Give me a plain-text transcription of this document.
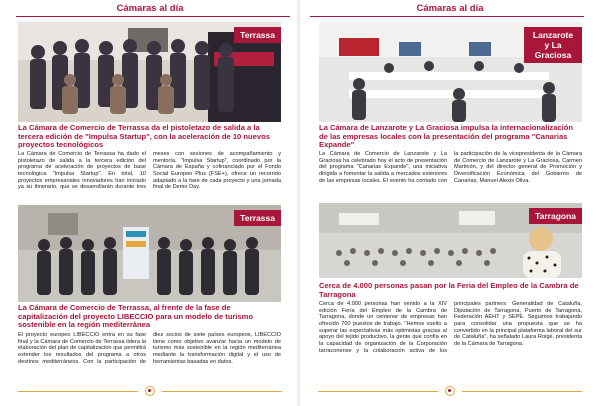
Cámaras al día
Terrassa
La Cámara de Comercio de Terrassa da el pistoletazo de salida a la tercera edición de "Impulsa Startup", con la aceleración de 10 nuevos proyectos tecnológicos
La Cámara de Comercio de Terrassa ha dado el pistoletazo de salida a la tercera edición del programa de aceleración de proyectos de base tecnológica "Impulsa Startup". En total, 10 proyectos empresariales innovadores han iniciado ya su itinerario, que se desarrollarán durante tres meses con sesiones de acompañamiento y mentoría. "Impulsa Startup", coordinado por la Cámara de España y cofinanciado por el Fondo Social Europeo Plus (FSE+), ofrece un recorrido adaptado a la fase de cada proyecto y una jornada final de Demo Day.
Terrassa
La Cámara de Comercio de Terrassa, al frente de la fase de capitalización del proyecto LIBECCIO para un modelo de turismo sostenible en la región mediterránea
El proyecto europeo LIBECCIO entra en su fase final y la Cámara de Comercio de Terrassa lidera la elaboración del plan de capitalización que permitirá extender los resultados del programa a otros destinos mediterráneos. Con la participación de diez socios de siete países europeos, LIBECCIO tiene como objetivo avanzar hacia un modelo de turismo más sostenible en la región mediterránea mediante la transformación digital y el uso de herramientas basadas en datos.
Cámaras al día
Lanzarote y La Graciosa
La Cámara de Lanzarote y La Graciosa impulsa la internacionalización de las empresas locales con la presentación del programa "Canarias Expande"
La Cámara de Comercio de Lanzarote y La Graciosa ha celebrado hoy el acto de presentación del programa "Canarias Expande", una iniciativa dirigida a fomentar la salida a mercados exteriores de las empresas locales. El evento ha contado con la participación de la vicepresidenta de la Cámara de Comercio de Lanzarote y La Graciosa, Carmen Martinón, y del director general de Promoción y Diversificación Económica del Gobierno de Canarias, Manuel Alexis Oliva.
Tarragona
Cerca de 4.000 personas pasan por la Feria del Empleo de la Cambra de Tarragona
Cerca de 4.000 personas han venido a la XIV edición Fería del Empleo de la Cambra de Tarragona, donde un centenar de empresas han ofrecido 700 puestos de trabajo. "Hemos vuelto a superar las expectativas más optimistas gracias al apoyo del tejido productivo, la gente que confía en la capacidad de organización de la Corporación tarraconense y la colaboración activa de los principales partners: Generalidad de Cataluña, Diputación de Tarragona, Puerto de Tarragona, Federación AEHT y SEPE. Seguimos trabajando para consolidar una propuesta que se ha convertido en la principal plataforma laboral del sur de Cataluña", ha señalado Laura Roigé, presidenta de la Cámara de Tarragona.
